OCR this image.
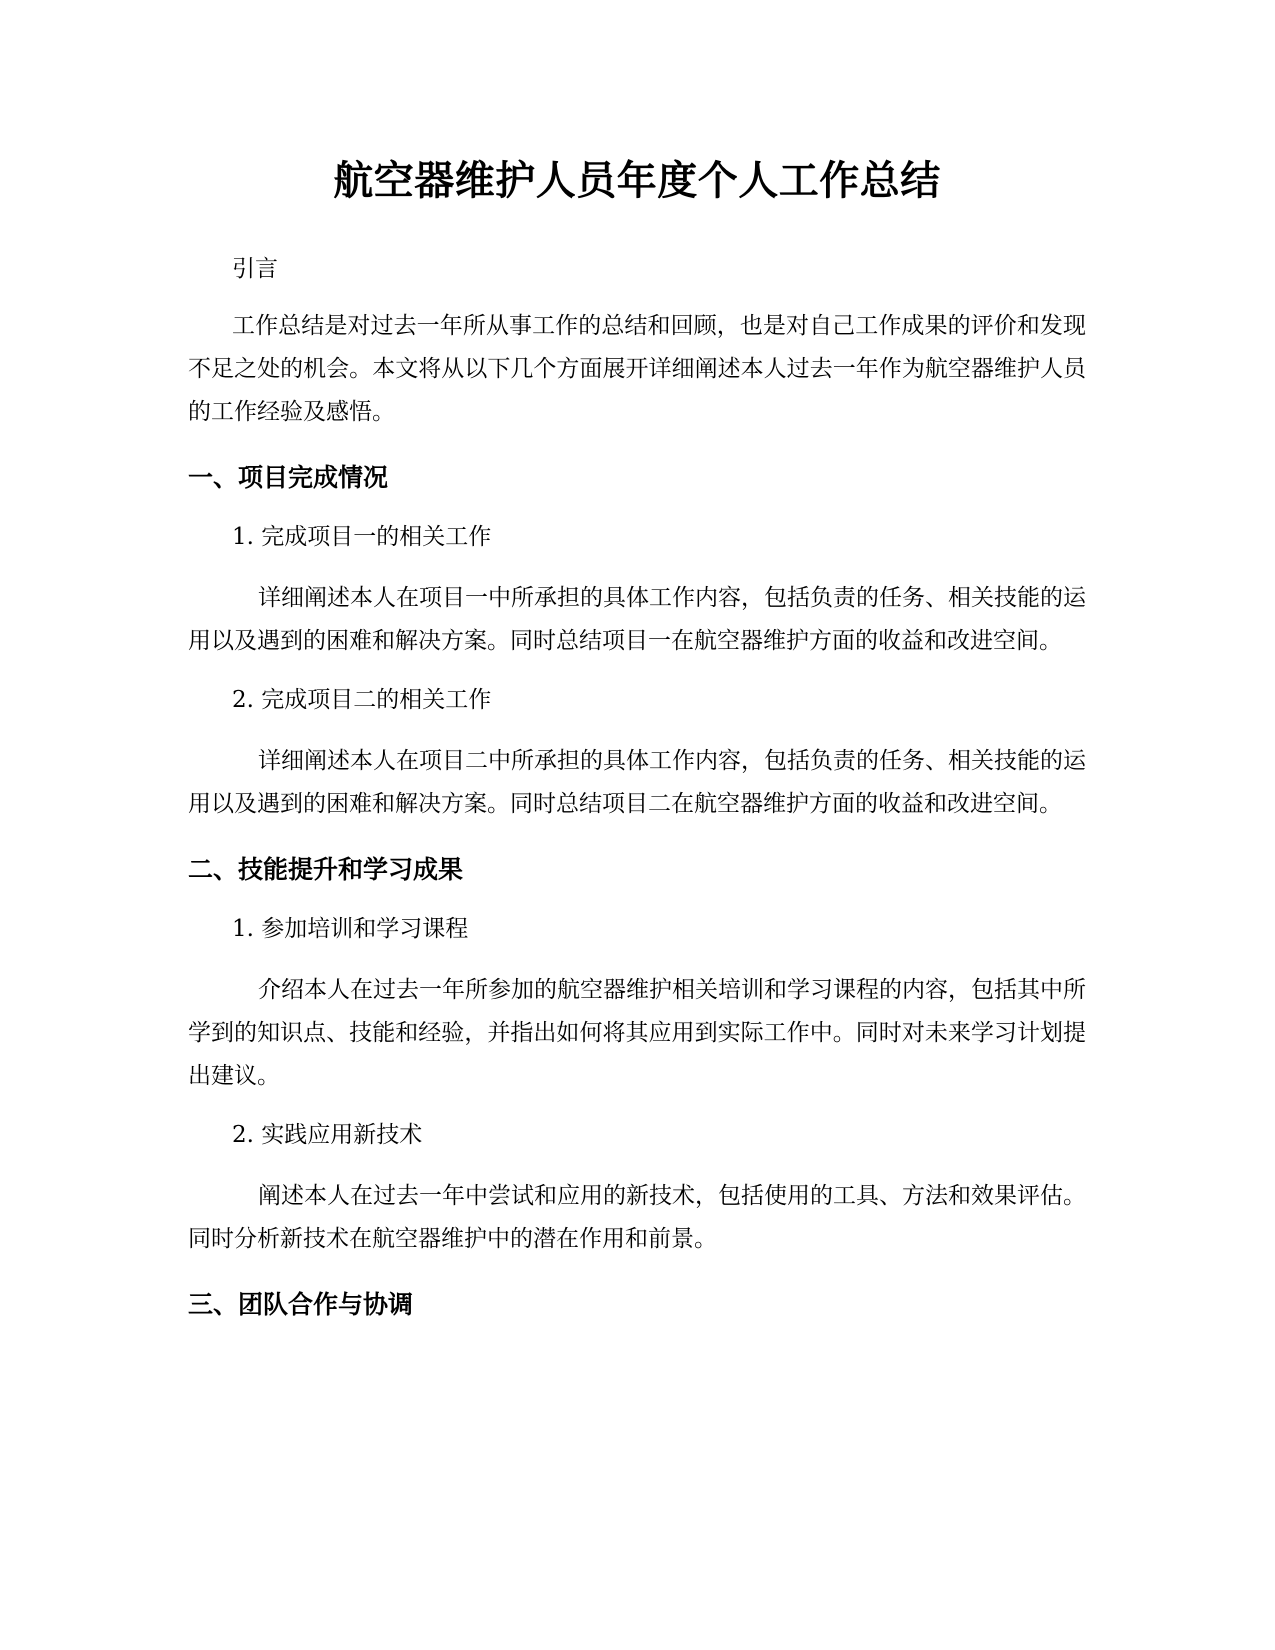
航空器维护人员年度个人工作总结

引言

工作总结是对过去一年所从事工作的总结和回顾，也是对自己工作成果的评价和发现不足之处的机会。本文将从以下几个方面展开详细阐述本人过去一年作为航空器维护人员的工作经验及感悟。

一、项目完成情况

1. 完成项目一的相关工作

详细阐述本人在项目一中所承担的具体工作内容，包括负责的任务、相关技能的运用以及遇到的困难和解决方案。同时总结项目一在航空器维护方面的收益和改进空间。

2. 完成项目二的相关工作

详细阐述本人在项目二中所承担的具体工作内容，包括负责的任务、相关技能的运用以及遇到的困难和解决方案。同时总结项目二在航空器维护方面的收益和改进空间。

二、技能提升和学习成果

1. 参加培训和学习课程

介绍本人在过去一年所参加的航空器维护相关培训和学习课程的内容，包括其中所学到的知识点、技能和经验，并指出如何将其应用到实际工作中。同时对未来学习计划提出建议。

2. 实践应用新技术

阐述本人在过去一年中尝试和应用的新技术，包括使用的工具、方法和效果评估。同时分析新技术在航空器维护中的潜在作用和前景。

三、团队合作与协调
